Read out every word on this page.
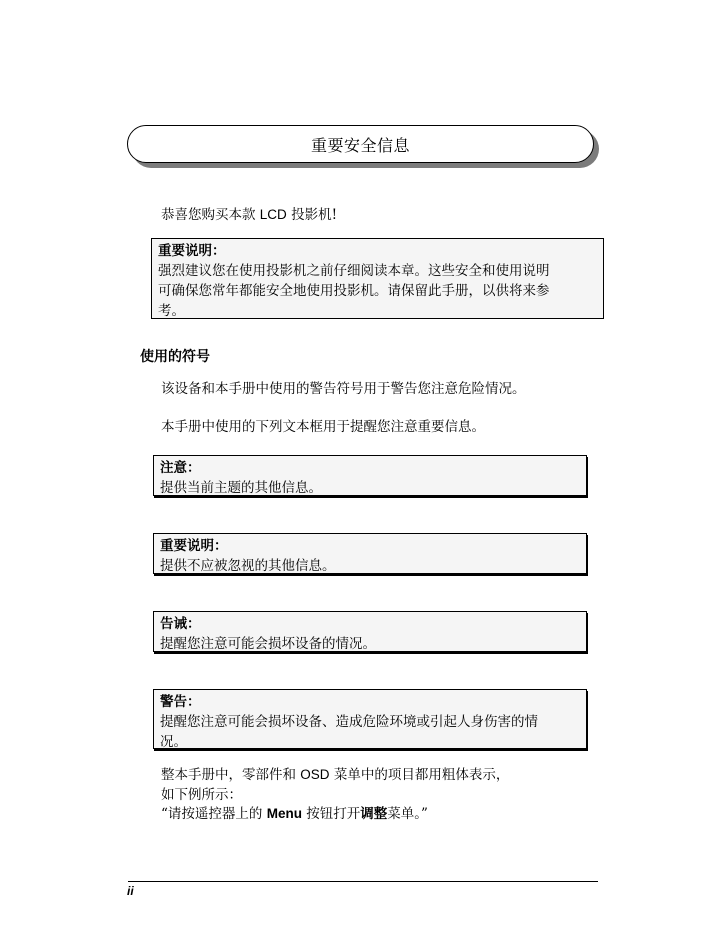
重要安全信息
恭喜您购买本款 LCD 投影机!
重要说明：
强烈建议您在使用投影机之前仔细阅读本章。这些安全和使用说明
可确保您常年都能安全地使用投影机。请保留此手册，以供将来参
考。
使用的符号
该设备和本手册中使用的警告符号用于警告您注意危险情况。
本手册中使用的下列文本框用于提醒您注意重要信息。
注意：
提供当前主题的其他信息。
重要说明：
提供不应被忽视的其他信息。
告诫：
提醒您注意可能会损坏设备的情况。
警告：
提醒您注意可能会损坏设备、造成危险环境或引起人身伤害的情
况。
整本手册中，零部件和 OSD 菜单中的项目都用粗体表示，
如下例所示：
“请按遥控器上的 Menu 按钮打开调整菜单。”
ii
